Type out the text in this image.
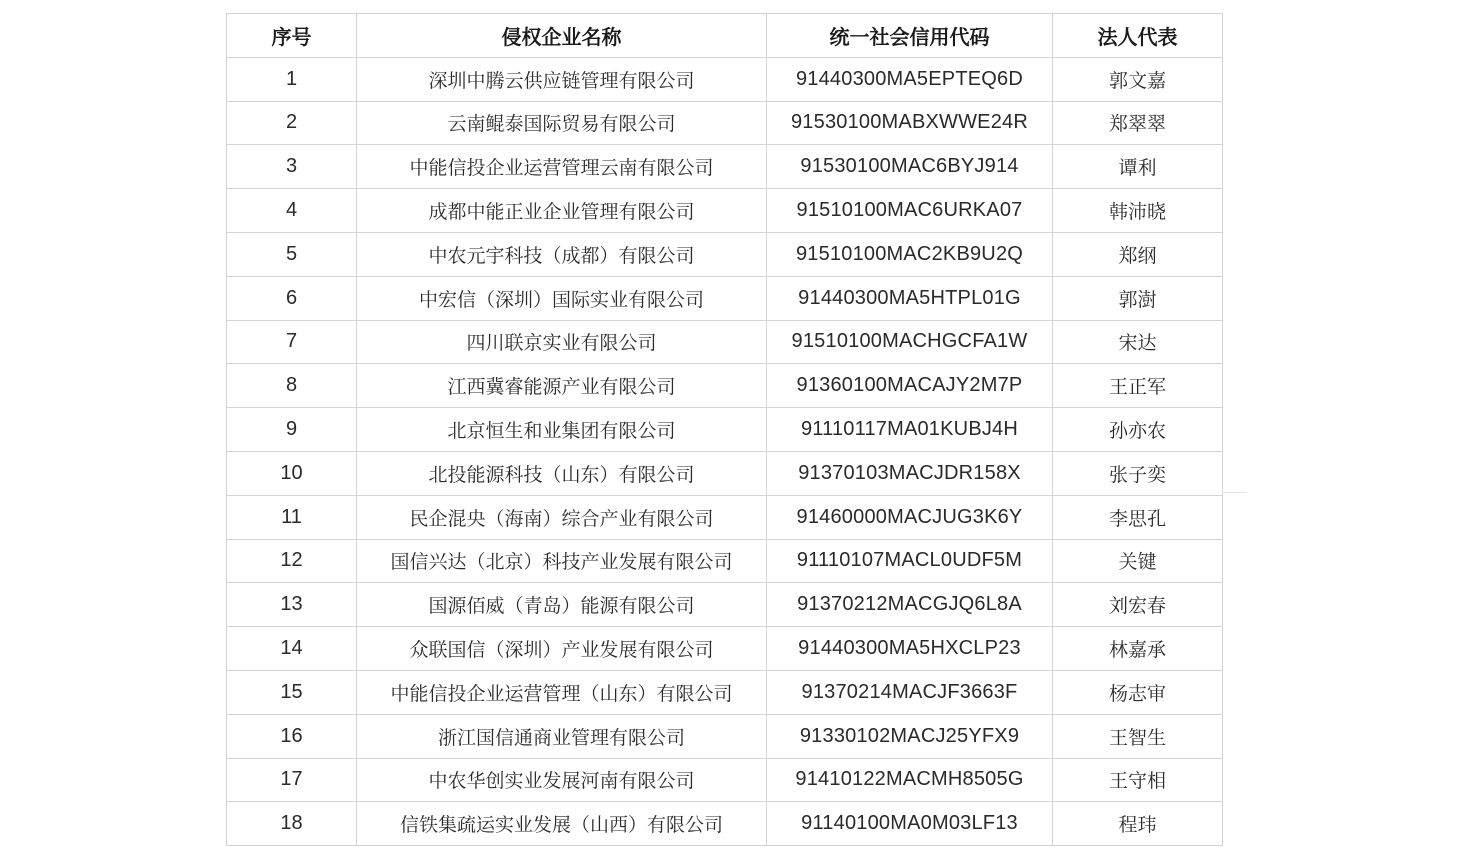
序号	侵权企业名称	统一社会信用代码	法人代表
1	深圳中腾云供应链管理有限公司	91440300MA5EPTEQ6D	郭文嘉
2	云南鲲泰国际贸易有限公司	91530100MABXWWE24R	郑翠翠
3	中能信投企业运营管理云南有限公司	91530100MAC6BYJ914	谭利
4	成都中能正业企业管理有限公司	91510100MAC6URKA07	韩沛晓
5	中农元宇科技（成都）有限公司	91510100MAC2KB9U2Q	郑纲
6	中宏信（深圳）国际实业有限公司	91440300MA5HTPL01G	郭澍
7	四川联京实业有限公司	91510100MACHGCFA1W	宋达
8	江西冀睿能源产业有限公司	91360100MACAJY2M7P	王正军
9	北京恒生和业集团有限公司	91110117MA01KUBJ4H	孙亦农
10	北投能源科技（山东）有限公司	91370103MACJDR158X	张子奕
11	民企混央（海南）综合产业有限公司	91460000MACJUG3K6Y	李思孔
12	国信兴达（北京）科技产业发展有限公司	91110107MACL0UDF5M	关键
13	国源佰威（青岛）能源有限公司	91370212MACGJQ6L8A	刘宏春
14	众联国信（深圳）产业发展有限公司	91440300MA5HXCLP23	林嘉承
15	中能信投企业运营管理（山东）有限公司	91370214MACJF3663F	杨志审
16	浙江国信通商业管理有限公司	91330102MACJ25YFX9	王智生
17	中农华创实业发展河南有限公司	91410122MACMH8505G	王守相
18	信铁集疏运实业发展（山西）有限公司	91140100MA0M03LF13	程玮
